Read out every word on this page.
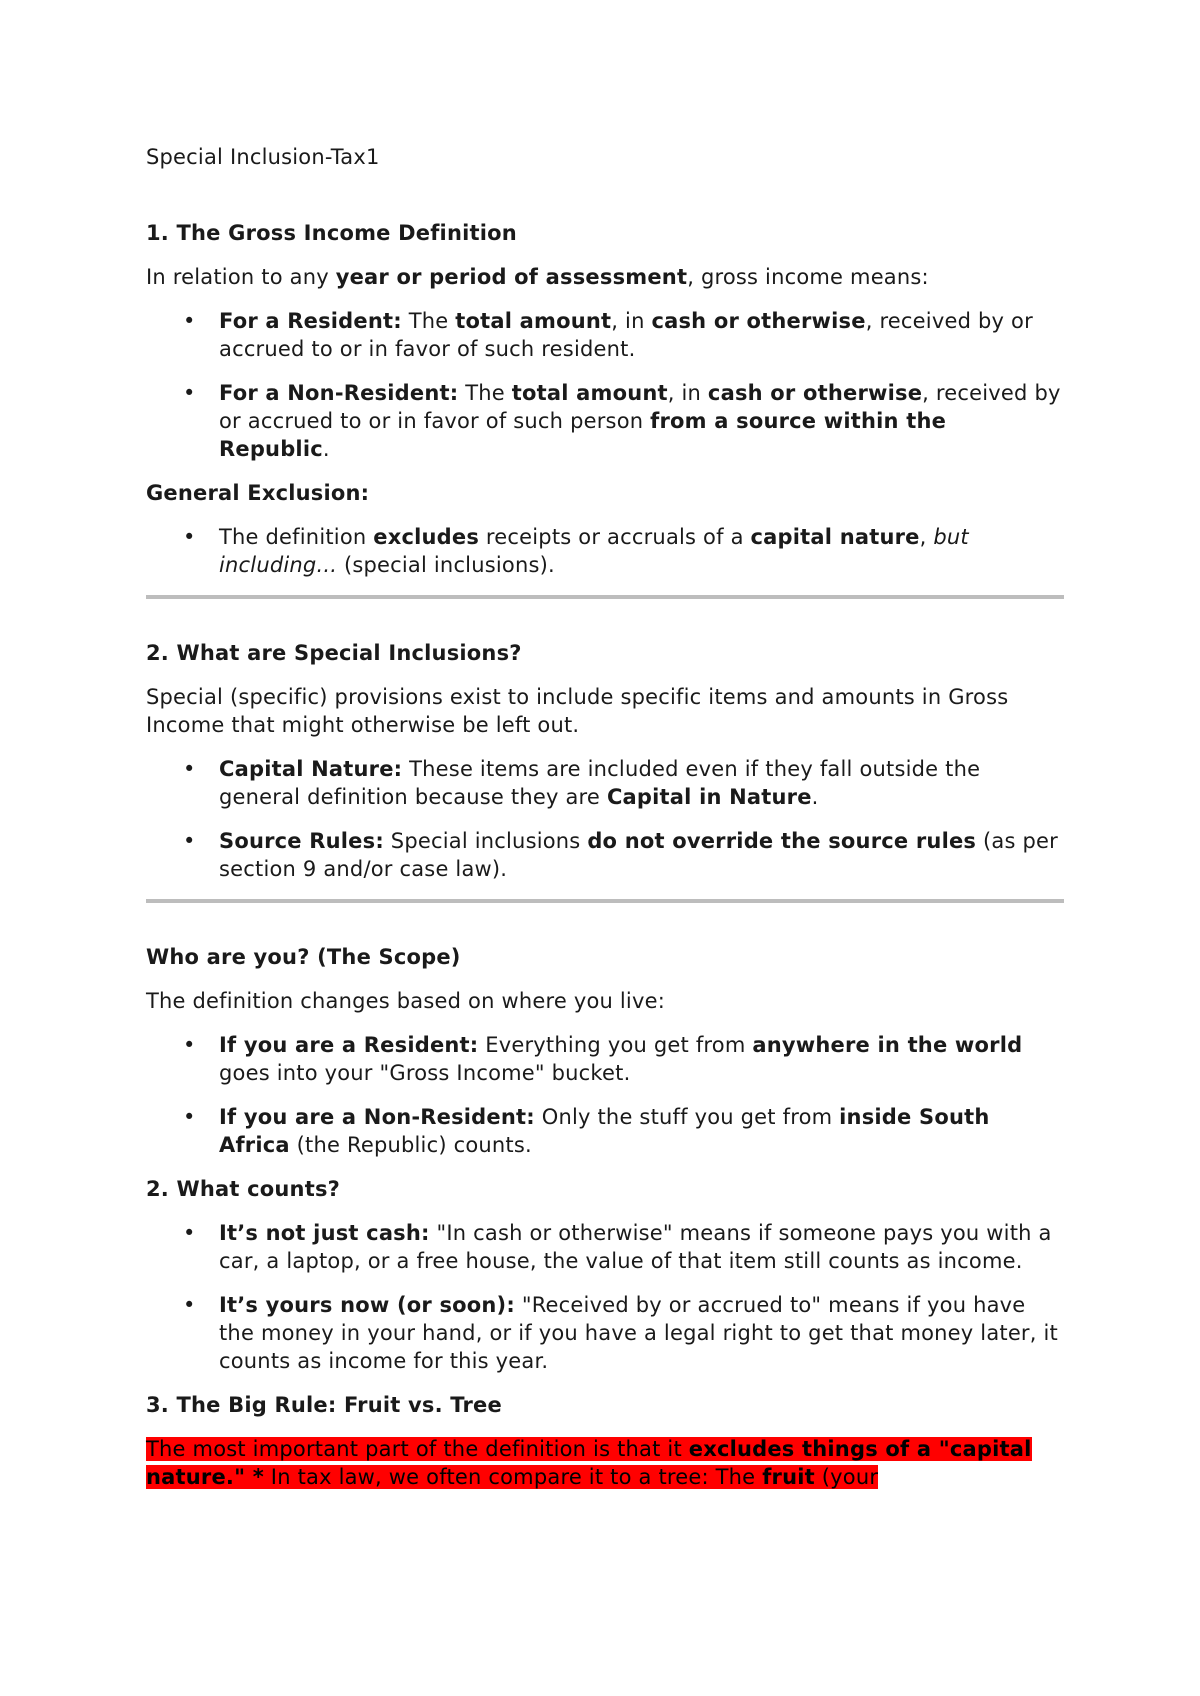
Special Inclusion-Tax1
1. The Gross Income Definition

In relation to any year or period of assessment, gross income means:

• For a Resident: The total amount, in cash or otherwise, received by or accrued to or in favor of such resident.
• For a Non-Resident: The total amount, in cash or otherwise, received by or accrued to or in favor of such person from a source within the Republic.
General Exclusion:
• The definition excludes receipts or accruals of a capital nature, but including... (special inclusions).
2. What are Special Inclusions?

Special (specific) provisions exist to include specific items and amounts in Gross Income that might otherwise be left out.

• Capital Nature: These items are included even if they fall outside the general definition because they are Capital in Nature.
• Source Rules: Special inclusions do not override the source rules (as per section 9 and/or case law).
Who are you? (The Scope)

The definition changes based on where you live:

• If you are a Resident: Everything you get from anywhere in the world goes into your "Gross Income" bucket.
• If you are a Non-Resident: Only the stuff you get from inside South Africa (the Republic) counts.
2. What counts?
• It’s not just cash: "In cash or otherwise" means if someone pays you with a car, a laptop, or a free house, the value of that item still counts as income.
• It’s yours now (or soon): "Received by or accrued to" means if you have the money in your hand, or if you have a legal right to get that money later, it counts as income for this year.
3. The Big Rule: Fruit vs. Tree

The most important part of the definition is that it excludes things of a "capital nature." * In tax law, we often compare it to a tree: The fruit (your
